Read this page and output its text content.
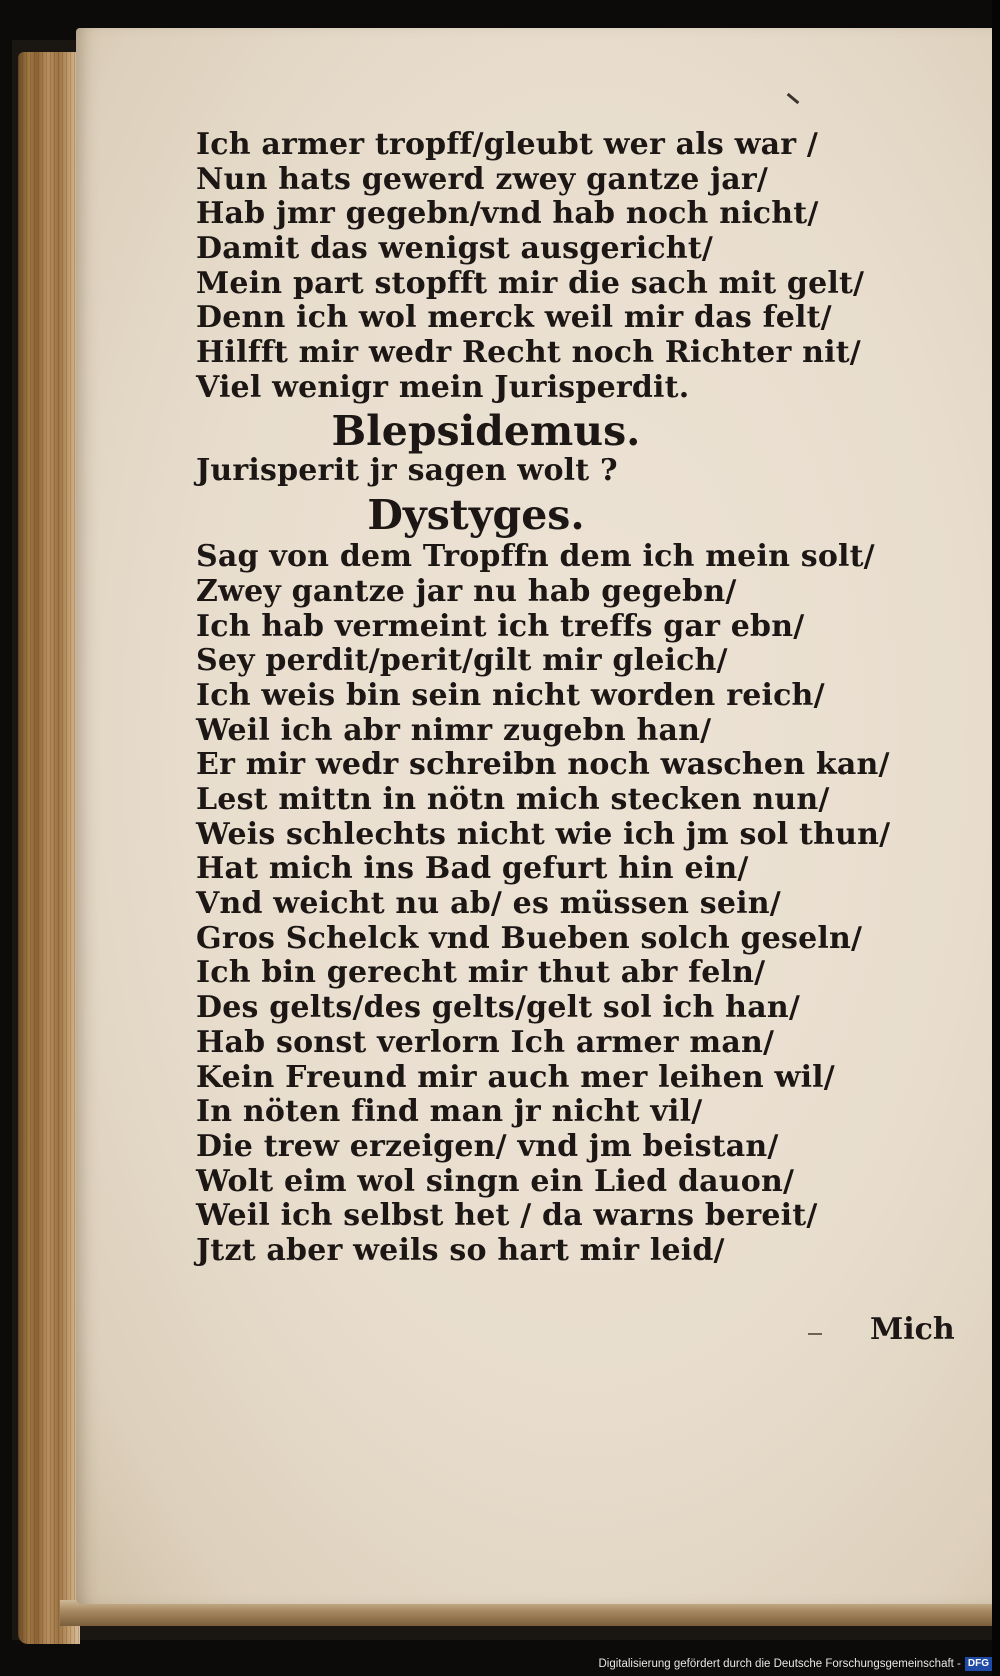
Ich armer tropff/gleubt wer als war /
Nun hats gewerd zwey gantze jar/
Hab jmr gegebn/vnd hab noch nicht/
Damit das wenigst ausgericht/
Mein part stopfft mir die sach mit gelt/
Denn ich wol merck weil mir das felt/
Hilfft mir wedr Recht noch Richter nit/
Viel wenigr mein Jurisperdit.
Blepsidemus.
Jurisperit jr sagen wolt ?
Dystyges.
Sag von dem Tropffn dem ich mein solt/
Zwey gantze jar nu hab gegebn/
Ich hab vermeint ich treffs gar ebn/
Sey perdit/perit/gilt mir gleich/
Ich weis bin sein nicht worden reich/
Weil ich abr nimr zugebn han/
Er mir wedr schreibn noch waschen kan/
Lest mittn in nötn mich stecken nun/
Weis schlechts nicht wie ich jm sol thun/
Hat mich ins Bad gefurt hin ein/
Vnd weicht nu ab/ es müssen sein/
Gros Schelck vnd Bueben solch geseln/
Ich bin gerecht mir thut abr feln/
Des gelts/des gelts/gelt sol ich han/
Hab sonst verlorn Ich armer man/
Kein Freund mir auch mer leihen wil/
In nöten find man jr nicht vil/
Die trew erzeigen/ vnd jm beistan/
Wolt eim wol singn ein Lied dauon/
Weil ich selbst het / da warns bereit/
Jtzt aber weils so hart mir leid/
Mich
Digitalisierung gefördert durch die Deutsche Forschungsgemeinschaft - DFG
